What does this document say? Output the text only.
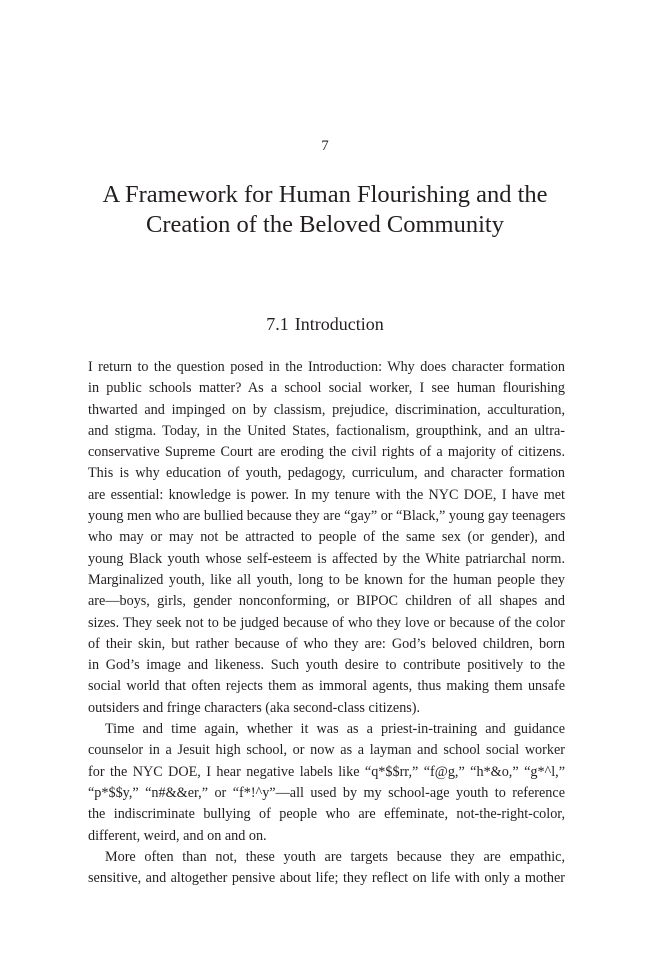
7
A Framework for Human Flourishing and the
Creation of the Beloved Community
7.1 Introduction
I return to the question posed in the Introduction: Why does character formation
in public schools matter? As a school social worker, I see human flourishing
thwarted and impinged on by classism, prejudice, discrimination, acculturation,
and stigma. Today, in the United States, factionalism, groupthink, and an ultra-
conservative Supreme Court are eroding the civil rights of a majority of citizens.
This is why education of youth, pedagogy, curriculum, and character formation
are essential: knowledge is power. In my tenure with the NYC DOE, I have met
young men who are bullied because they are “gay” or “Black,” young gay teenagers
who may or may not be attracted to people of the same sex (or gender), and
young Black youth whose self-esteem is affected by the White patriarchal norm.
Marginalized youth, like all youth, long to be known for the human people they
are—boys, girls, gender nonconforming, or BIPOC children of all shapes and
sizes. They seek not to be judged because of who they love or because of the color
of their skin, but rather because of who they are: God’s beloved children, born
in God’s image and likeness. Such youth desire to contribute positively to the
social world that often rejects them as immoral agents, thus making them unsafe
outsiders and fringe characters (aka second-class citizens).
Time and time again, whether it was as a priest-in-training and guidance
counselor in a Jesuit high school, or now as a layman and school social worker
for the NYC DOE, I hear negative labels like “q*$$rr,” “f@g,” “h*&o,” “g*^l,”
“p*$$y,” “n#&&er,” or “f*!^y”—all used by my school-age youth to reference
the indiscriminate bullying of people who are effeminate, not-the-right-color,
different, weird, and on and on.
More often than not, these youth are targets because they are empathic,
sensitive, and altogether pensive about life; they reflect on life with only a mother
